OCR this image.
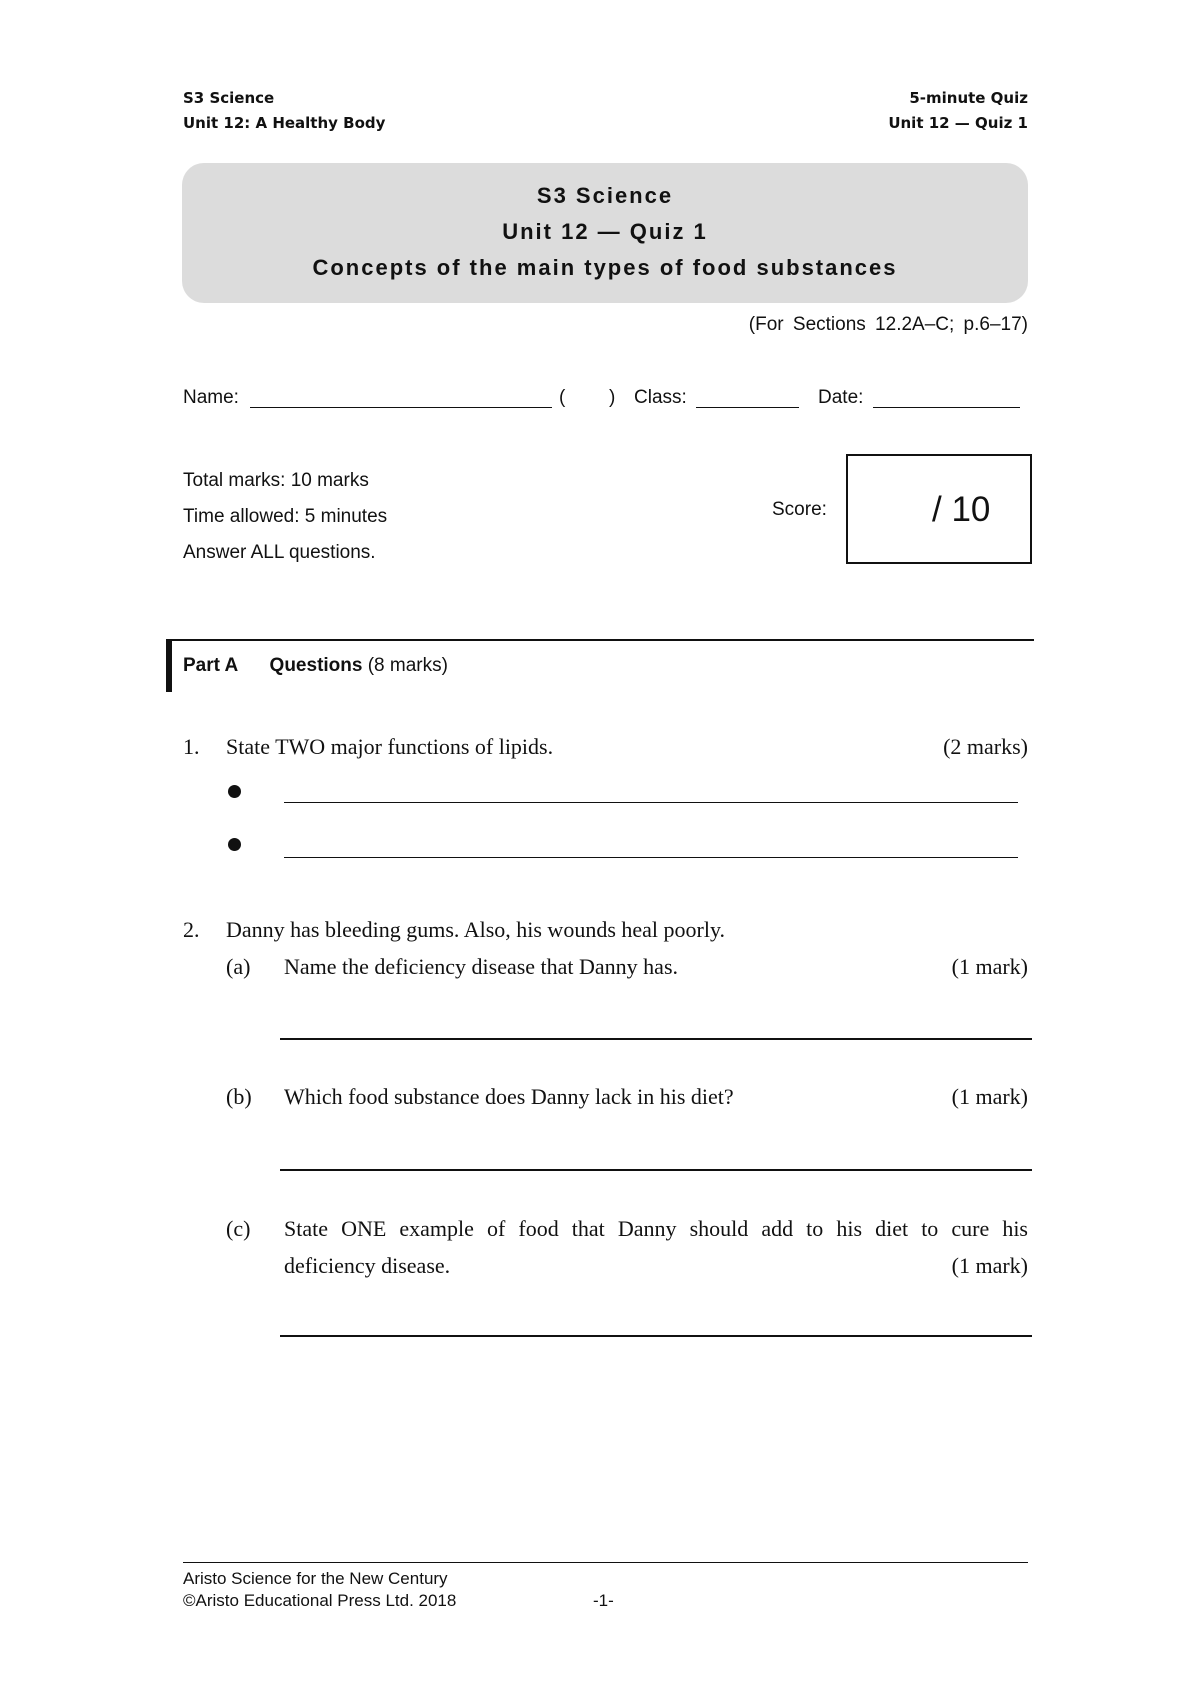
S3 Science
Unit 12: A Healthy Body
5-minute Quiz
Unit 12 — Quiz 1
S3 Science
Unit 12 — Quiz 1
Concepts of the main types of food substances
(For Sections 12.2A–C; p.6–17)
Name:	( ) Class:	Date:
Total marks: 10 marks
Time allowed: 5 minutes
Answer ALL questions.
Score:	/ 10
Part A Questions (8 marks)
1. State TWO major functions of lipids.	(2 marks)
2. Danny has bleeding gums. Also, his wounds heal poorly.
(a) Name the deficiency disease that Danny has.	(1 mark)
(b) Which food substance does Danny lack in his diet?	(1 mark)
(c) State ONE example of food that Danny should add to his diet to cure his
deficiency disease.	(1 mark)
Aristo Science for the New Century
©Aristo Educational Press Ltd. 2018	-1-
